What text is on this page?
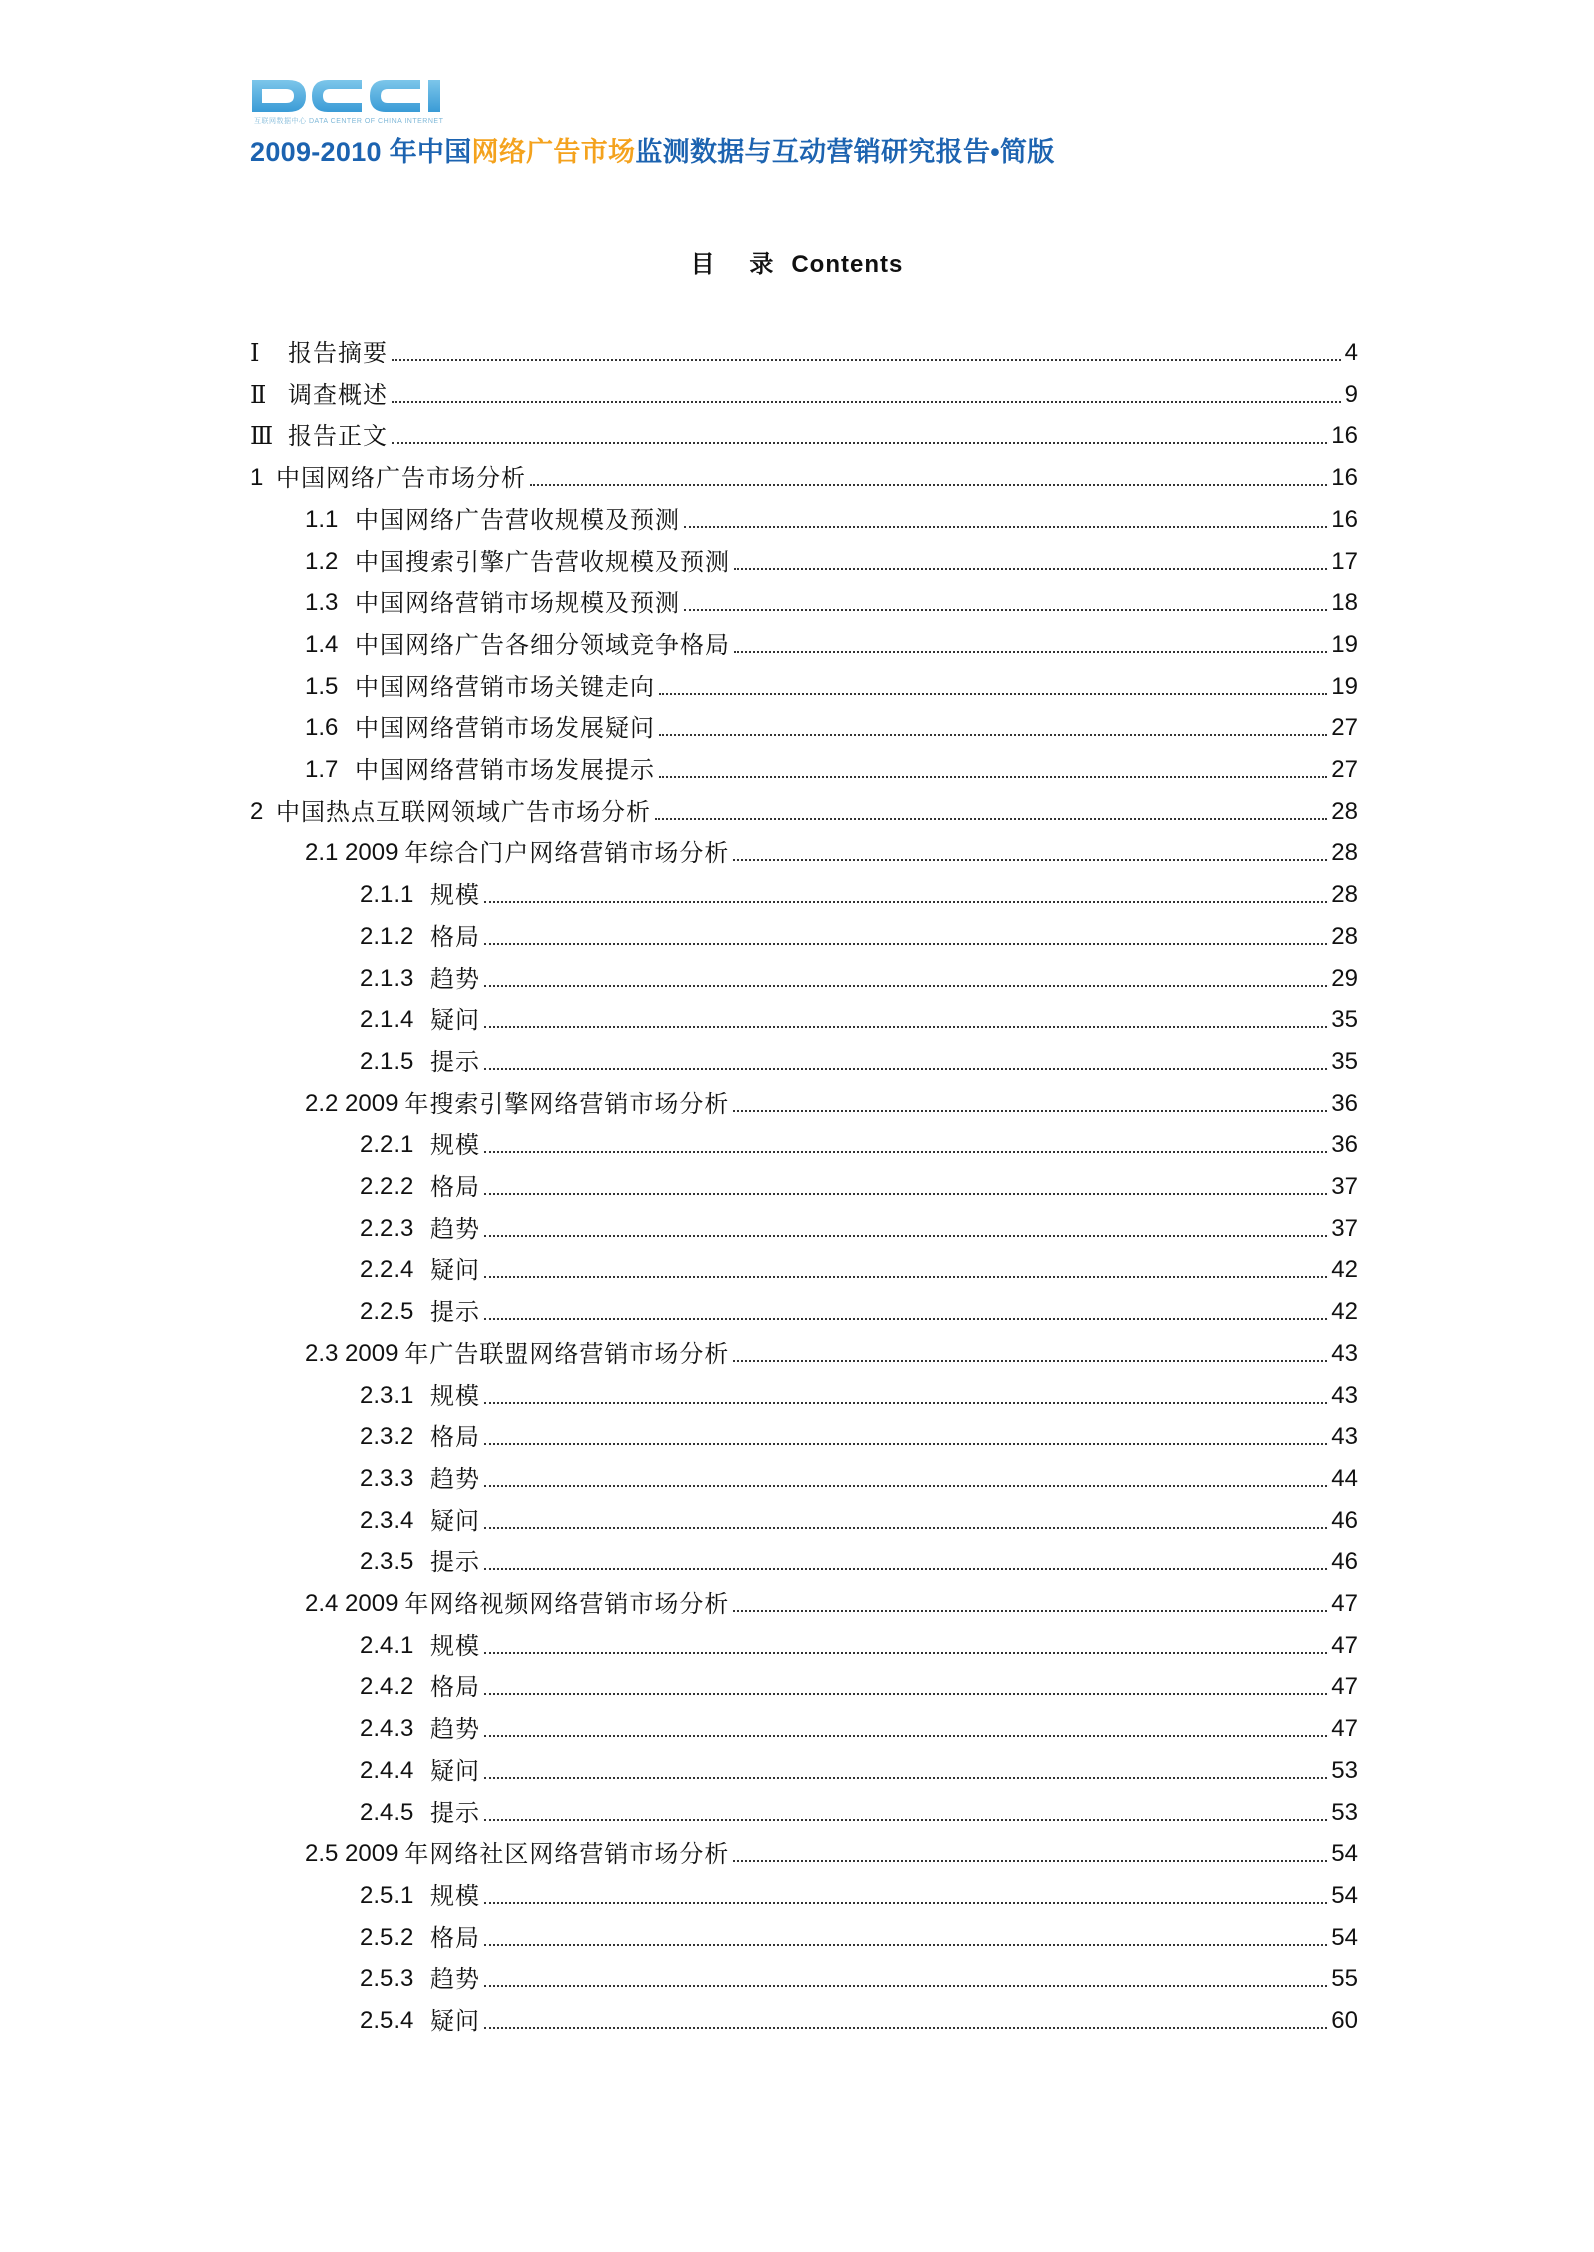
互联网数据中心 DATA CENTER OF CHINA INTERNET
2009-2010 年中国网络广告市场监测数据与互动营销研究报告•简版
目 录 Contents
Ⅰ	报告摘要	4
Ⅱ 调查概述	9
Ⅲ 报告正文	16
1 中国网络广告市场分析	16
1.1 中国网络广告营收规模及预测	16
1.2 中国搜索引擎广告营收规模及预测	17
1.3 中国网络营销市场规模及预测	18
1.4 中国网络广告各细分领域竞争格局	19
1.5 中国网络营销市场关键走向	19
1.6 中国网络营销市场发展疑问	27
1.7 中国网络营销市场发展提示	27
2 中国热点互联网领域广告市场分析	28
2.1 2009 年综合门户网络营销市场分析	28
2.1.1 规模	28
2.1.2 格局	28
2.1.3 趋势	29
2.1.4 疑问	35
2.1.5 提示	35
2.2 2009 年搜索引擎网络营销市场分析	36
2.2.1 规模	36
2.2.2 格局	37
2.2.3 趋势	37
2.2.4 疑问	42
2.2.5 提示	42
2.3 2009 年广告联盟网络营销市场分析	43
2.3.1 规模	43
2.3.2 格局	43
2.3.3 趋势	44
2.3.4 疑问	46
2.3.5 提示	46
2.4 2009 年网络视频网络营销市场分析	47
2.4.1 规模	47
2.4.2 格局	47
2.4.3 趋势	47
2.4.4 疑问	53
2.4.5 提示	53
2.5 2009 年网络社区网络营销市场分析	54
2.5.1 规模	54
2.5.2 格局	54
2.5.3 趋势	55
2.5.4 疑问	60
